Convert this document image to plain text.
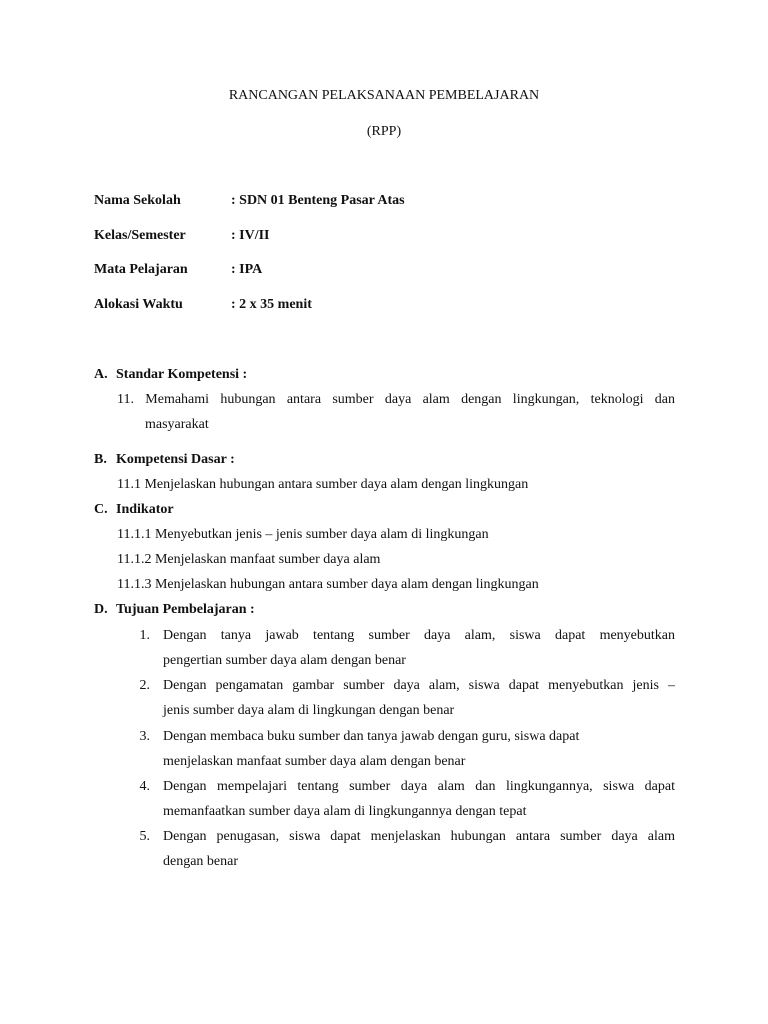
RANCANGAN PELAKSANAAN PEMBELAJARAN
(RPP)
Nama Sekolah	: SDN 01 Benteng Pasar Atas
Kelas/Semester	: IV/II
Mata Pelajaran	: IPA
Alokasi Waktu	: 2 x 35 menit
A. Standar Kompetensi :
11. Memahami hubungan antara sumber daya alam dengan lingkungan, teknologi dan
masyarakat
B. Kompetensi Dasar :
11.1 Menjelaskan hubungan antara sumber daya alam dengan lingkungan
C. Indikator
11.1.1 Menyebutkan jenis – jenis sumber daya alam di lingkungan
11.1.2 Menjelaskan manfaat sumber daya alam
11.1.3 Menjelaskan hubungan antara sumber daya alam dengan lingkungan
D. Tujuan Pembelajaran :
1. Dengan tanya jawab tentang sumber daya alam, siswa dapat menyebutkan
pengertian sumber daya alam dengan benar
2. Dengan pengamatan gambar sumber daya alam, siswa dapat menyebutkan jenis –
jenis sumber daya alam di lingkungan dengan benar
3. Dengan membaca buku sumber dan tanya jawab dengan guru, siswa dapat
menjelaskan manfaat sumber daya alam dengan benar
4. Dengan mempelajari tentang sumber daya alam dan lingkungannya, siswa dapat
memanfaatkan sumber daya alam di lingkungannya dengan tepat
5. Dengan penugasan, siswa dapat menjelaskan hubungan antara sumber daya alam
dengan benar
